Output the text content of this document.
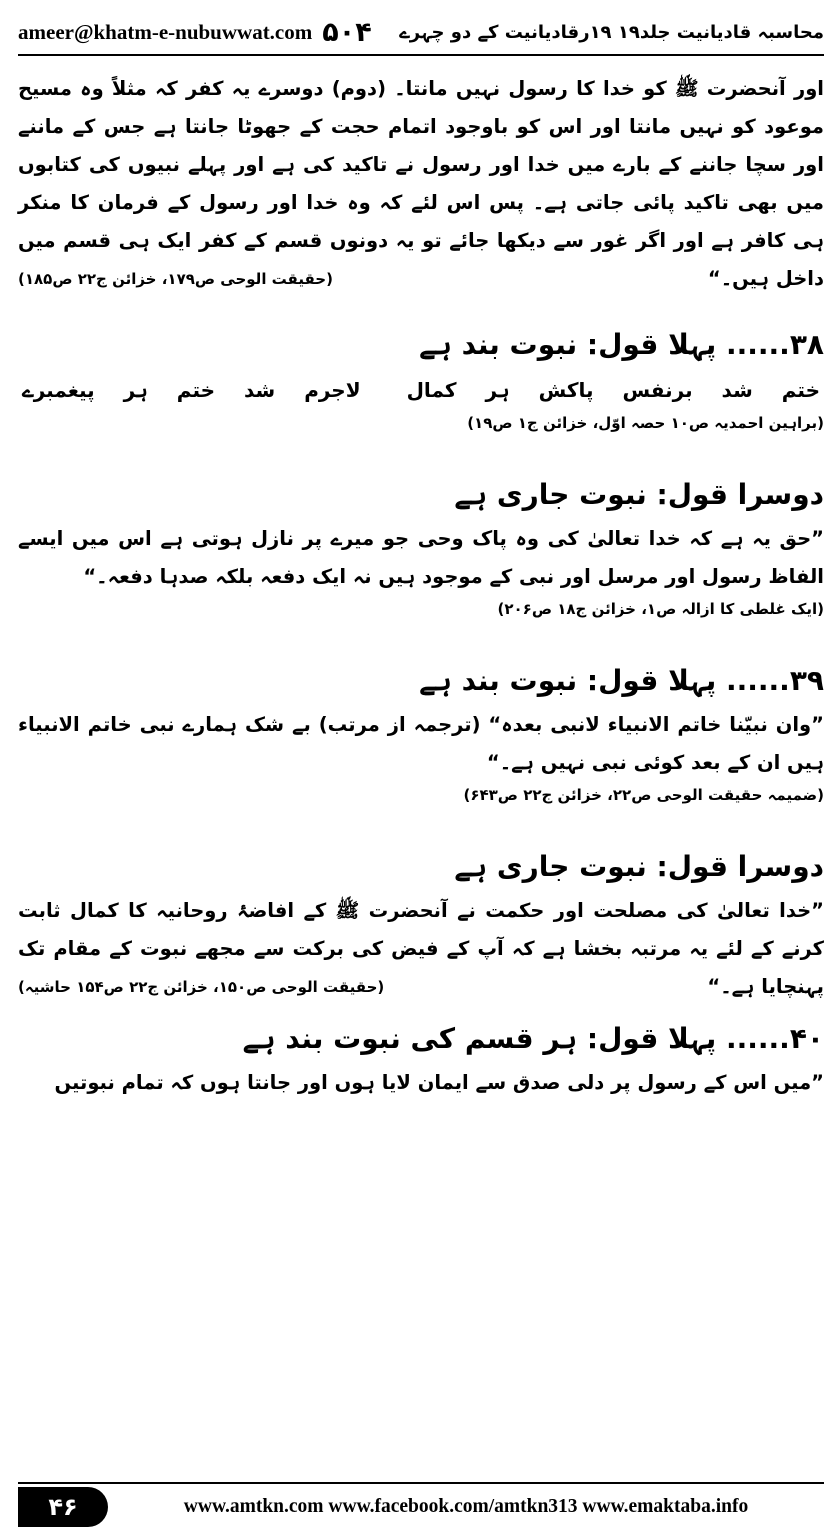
ameer@khatm-e-nubuwwat.com ۵۰۴ محاسبہ قادیانیت جلد۱۹ ۱۹رقادیانیت کے دو چہرے

اور آنحضرت ﷺ کو خدا کا رسول نہیں مانتا۔ (دوم) دوسرے یہ کفر کہ مثلاً وہ مسیح موعود کو نہیں مانتا اور اس کو باوجود اتمام حجت کے جھوٹا جانتا ہے جس کے ماننے اور سچا جاننے کے بارے میں خدا اور رسول نے تاکید کی ہے اور پہلے نبیوں کی کتابوں میں بھی تاکید پائی جاتی ہے۔ پس اس لئے کہ وہ خدا اور رسول کے فرمان کا منکر ہی کافر ہے اور اگر غور سے دیکھا جائے تو یہ دونوں قسم کے کفر ایک ہی قسم میں داخل ہیں۔“
(حقیقت الوحی ص۱۷۹، خزائن ج۲۲ ص۱۸۵)

۳۸...... پہلا قول: نبوت بند ہے

ختم شد برنفس پاکش ہر کمال
لاجرم شد ختم ہر پیغمبرے

(براہین احمدیہ ص۱۰ حصہ اوّل، خزائن ج۱ ص۱۹)

دوسرا قول: نبوت جاری ہے

”حق یہ ہے کہ خدا تعالیٰ کی وہ پاک وحی جو میرے پر نازل ہوتی ہے اس میں ایسے الفاظ رسول اور مرسل اور نبی کے موجود ہیں نہ ایک دفعہ بلکہ صدہا دفعہ۔“

(ایک غلطی کا ازالہ ص۱، خزائن ج۱۸ ص۲۰۶)

۳۹...... پہلا قول: نبوت بند ہے

”وان نبیّنا خاتم الانبیاء لانبی بعدہ“ (ترجمہ از مرتب) بے شک ہمارے نبی خاتم الانبیاء ہیں ان کے بعد کوئی نبی نہیں ہے۔“

(ضمیمہ حقیقت الوحی ص۲۲، خزائن ج۲۲ ص۶۴۳)

دوسرا قول: نبوت جاری ہے

”خدا تعالیٰ کی مصلحت اور حکمت نے آنحضرت ﷺ کے افاضۂ روحانیہ کا کمال ثابت کرنے کے لئے یہ مرتبہ بخشا ہے کہ آپ کے فیض کی برکت سے مجھے نبوت کے مقام تک پہنچایا ہے۔“
(حقیقت الوحی ص۱۵۰، خزائن ج۲۲ ص۱۵۴ حاشیہ)

۴۰...... پہلا قول: ہر قسم کی نبوت بند ہے

”میں اس کے رسول پر دلی صدق سے ایمان لایا ہوں اور جانتا ہوں کہ تمام نبوتیں

۴۶	www.amtkn.com www.facebook.com/amtkn313 www.emaktaba.info
